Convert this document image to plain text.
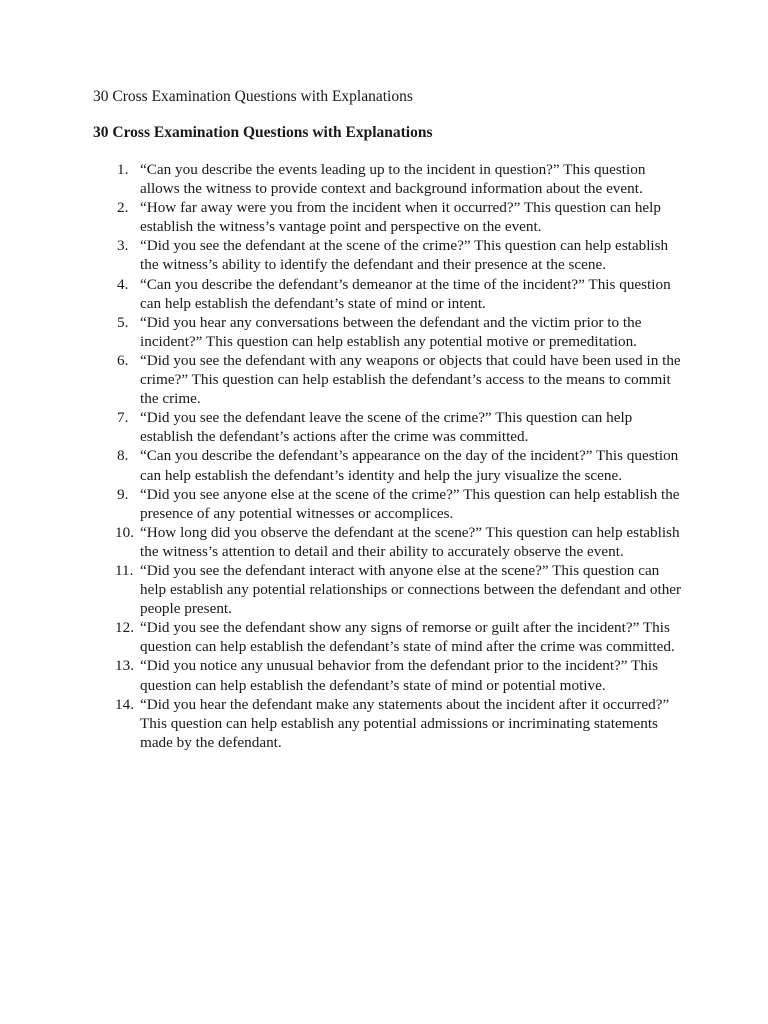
30 Cross Examination Questions with Explanations

30 Cross Examination Questions with Explanations
1. “Can you describe the events leading up to the incident in question?” This question allows the witness to provide context and background information about the event.
2. “How far away were you from the incident when it occurred?” This question can help establish the witness’s vantage point and perspective on the event.
3. “Did you see the defendant at the scene of the crime?” This question can help establish the witness’s ability to identify the defendant and their presence at the scene.
4. “Can you describe the defendant’s demeanor at the time of the incident?” This question can help establish the defendant’s state of mind or intent.
5. “Did you hear any conversations between the defendant and the victim prior to the incident?” This question can help establish any potential motive or premeditation.
6. “Did you see the defendant with any weapons or objects that could have been used in the crime?” This question can help establish the defendant’s access to the means to commit the crime.
7. “Did you see the defendant leave the scene of the crime?” This question can help establish the defendant’s actions after the crime was committed.
8. “Can you describe the defendant’s appearance on the day of the incident?” This question can help establish the defendant’s identity and help the jury visualize the scene.
9. “Did you see anyone else at the scene of the crime?” This question can help establish the presence of any potential witnesses or accomplices.
10. “How long did you observe the defendant at the scene?” This question can help establish the witness’s attention to detail and their ability to accurately observe the event.
11. “Did you see the defendant interact with anyone else at the scene?” This question can help establish any potential relationships or connections between the defendant and other people present.
12. “Did you see the defendant show any signs of remorse or guilt after the incident?” This question can help establish the defendant’s state of mind after the crime was committed.
13. “Did you notice any unusual behavior from the defendant prior to the incident?” This question can help establish the defendant’s state of mind or potential motive.
14. “Did you hear the defendant make any statements about the incident after it occurred?” This question can help establish any potential admissions or incriminating statements made by the defendant.
